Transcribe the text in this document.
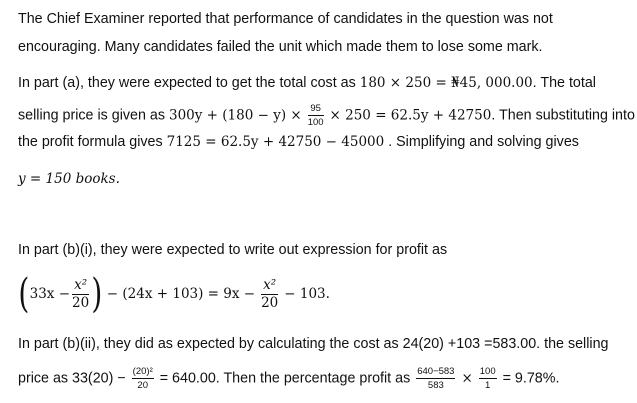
The Chief Examiner reported that performance of candidates in the question was not
encouraging. Many candidates failed the unit which made them to lose some mark.
In part (a), they were expected to get the total cost as 180 × 250 = ₦45, 000.00. The total
selling price is given as $300y + (180 - y) \times \frac{95}{100} \times 250 = 62.5y + 42750$. Then substituting into
the profit formula gives 7125 = 62.5y + 42750 − 45000 . Simplifying and solving gives
y = 150 books.
In part (b)(i), they were expected to write out expression for profit as
($33x - \frac{\text{x²}}{20}$ ) − $(24x + 103) = 9x - \frac{\text{x²}}{20} - 103$.
In part (b)(ii), they did as expected by calculating the cost as 24(20) +103 =583.00. the selling
price as $33(20) - \frac{\text{(20)²}}{20} = 640.00$. Then the percentage profit as $\frac{640-583}{583} \times \frac{100}{1} = 9.78\%$.
